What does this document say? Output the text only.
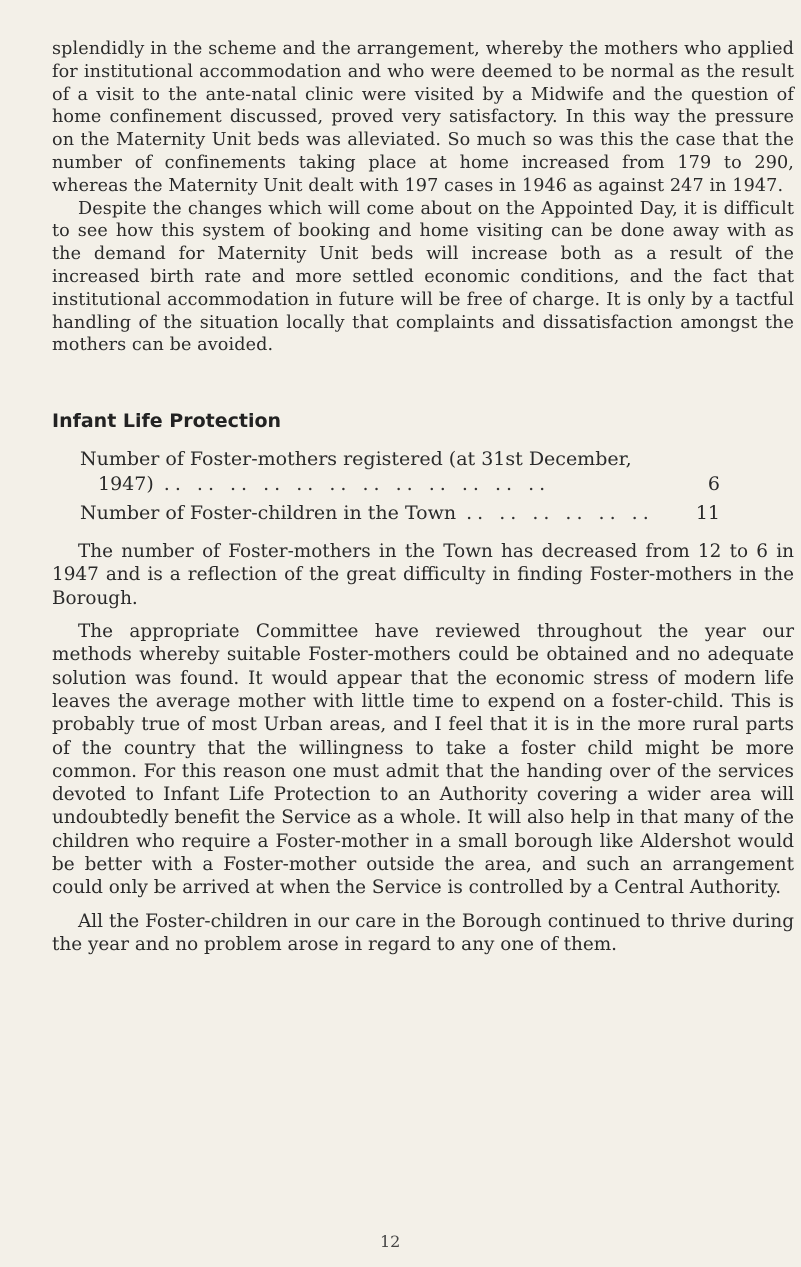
splendidly in the scheme and the arrangement, whereby the mothers who applied for institutional accommodation and who were deemed to be normal as the result of a visit to the ante-natal clinic were visited by a Midwife and the question of home confinement discussed, proved very satisfactory. In this way the pressure on the Maternity Unit beds was alleviated. So much so was this the case that the number of confinements taking place at home increased from 179 to 290, whereas the Maternity Unit dealt with 197 cases in 1946 as against 247 in 1947.

Despite the changes which will come about on the Appointed Day, it is difficult to see how this system of booking and home visiting can be done away with as the demand for Maternity Unit beds will increase both as a result of the increased birth rate and more settled economic conditions, and the fact that institutional accommodation in future will be free of charge. It is only by a tactful handling of the situation locally that complaints and dissatisfaction amongst the mothers can be avoided.

Infant Life Protection
Number of Foster-mothers registered (at 31st December,
1947) .. .. .. .. .. .. .. .. .. .. .. ..	6
Number of Foster-children in the Town .. .. .. .. .. ..	11

The number of Foster-mothers in the Town has decreased from 12 to 6 in 1947 and is a reflection of the great difficulty in finding Foster-mothers in the Borough.

The appropriate Committee have reviewed throughout the year our methods whereby suitable Foster-mothers could be obtained and no adequate solution was found. It would appear that the economic stress of modern life leaves the average mother with little time to expend on a foster-child. This is probably true of most Urban areas, and I feel that it is in the more rural parts of the country that the willingness to take a foster child might be more common. For this reason one must admit that the handing over of the services devoted to Infant Life Protection to an Authority covering a wider area will undoubtedly benefit the Service as a whole. It will also help in that many of the children who require a Foster-mother in a small borough like Aldershot would be better with a Foster-mother outside the area, and such an arrangement could only be arrived at when the Service is controlled by a Central Authority.

All the Foster-children in our care in the Borough continued to thrive during the year and no problem arose in regard to any one of them.

12
